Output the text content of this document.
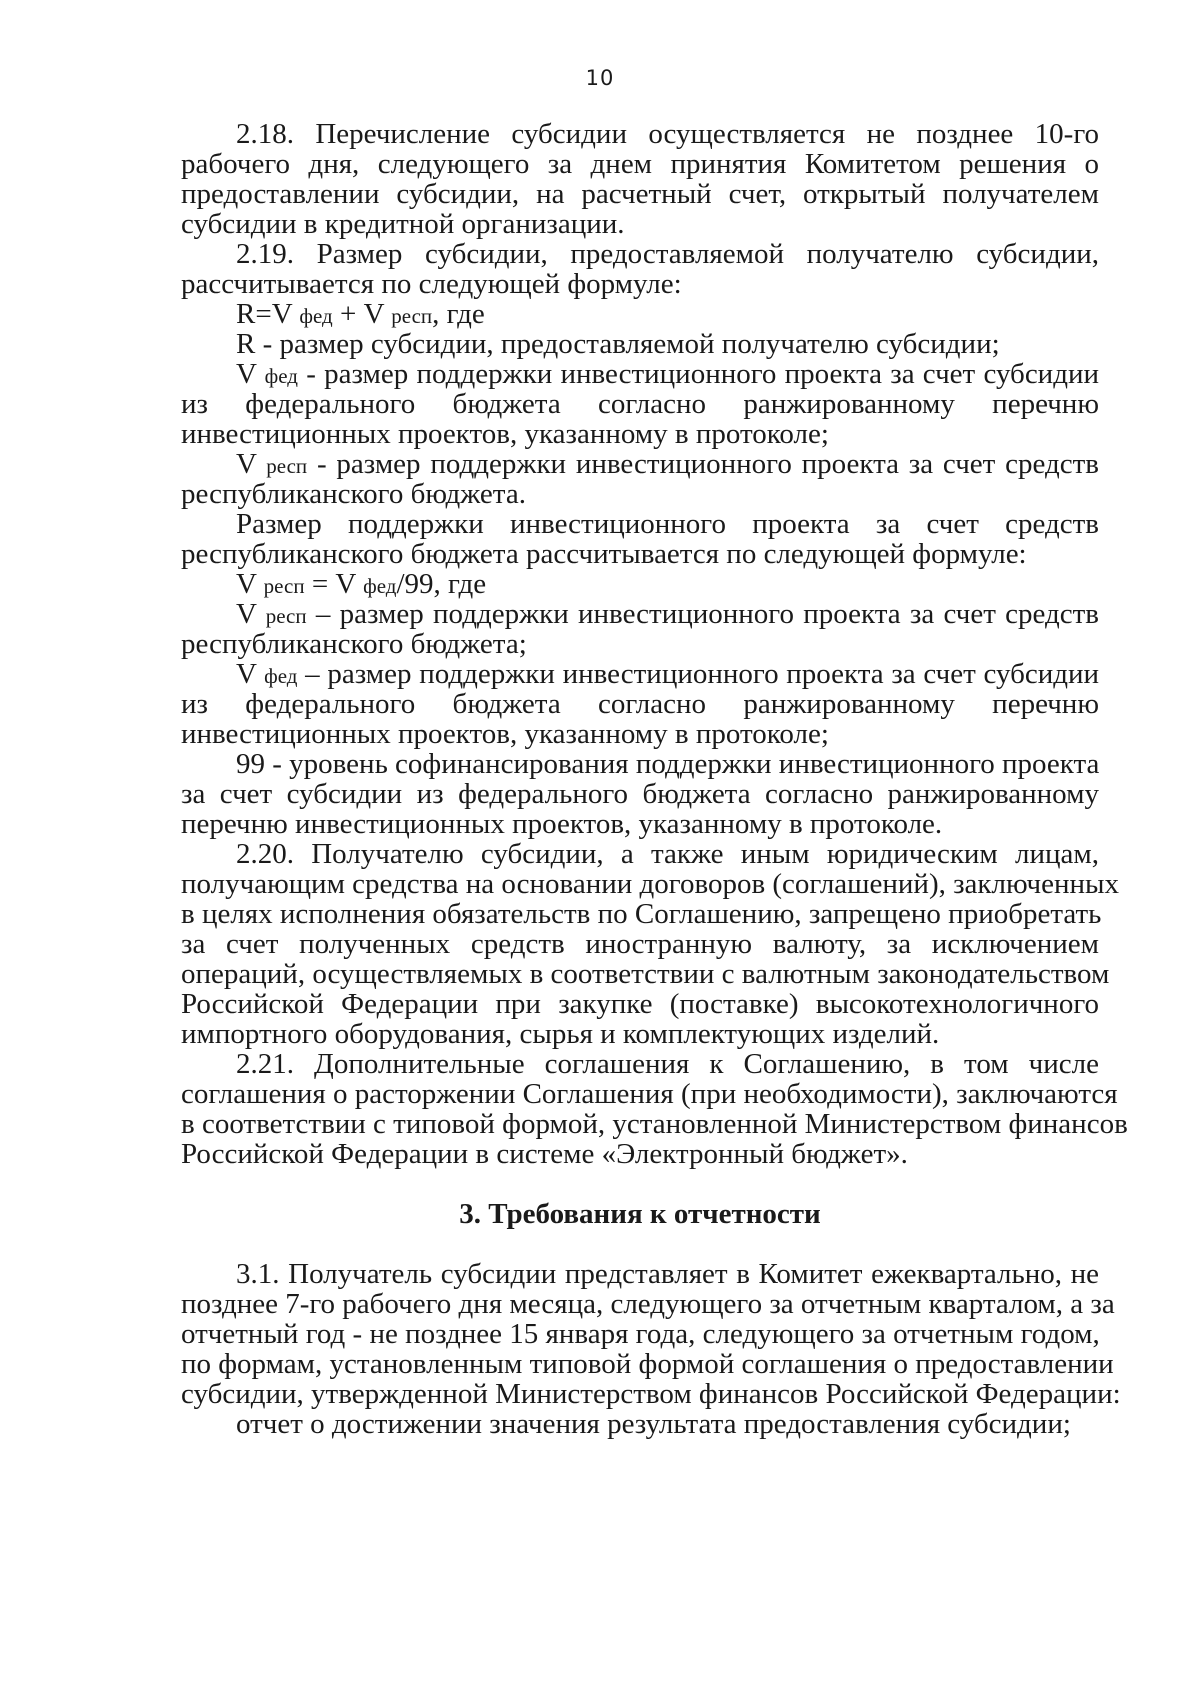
10
2.18. Перечисление субсидии осуществляется не позднее 10-го
рабочего дня, следующего за днем принятия Комитетом решения о
предоставлении субсидии, на расчетный счет, открытый получателем
субсидии в кредитной организации.
2.19. Размер субсидии, предоставляемой получателю субсидии,
рассчитывается по следующей формуле:
R=V фед + V респ, где
R - размер субсидии, предоставляемой получателю субсидии;
V фед - размер поддержки инвестиционного проекта за счет субсидии
из федерального бюджета согласно ранжированному перечню
инвестиционных проектов, указанному в протоколе;
V респ - размер поддержки инвестиционного проекта за счет средств
республиканского бюджета.
Размер поддержки инвестиционного проекта за счет средств
республиканского бюджета рассчитывается по следующей формуле:
V респ = V фед/99, где
V респ – размер поддержки инвестиционного проекта за счет средств
республиканского бюджета;
V фед – размер поддержки инвестиционного проекта за счет субсидии
из федерального бюджета согласно ранжированному перечню
инвестиционных проектов, указанному в протоколе;
99 - уровень софинансирования поддержки инвестиционного проекта
за счет субсидии из федерального бюджета согласно ранжированному
перечню инвестиционных проектов, указанному в протоколе.
2.20. Получателю субсидии, а также иным юридическим лицам,
получающим средства на основании договоров (соглашений), заключенных
в целях исполнения обязательств по Соглашению, запрещено приобретать
за счет полученных средств иностранную валюту, за исключением
операций, осуществляемых в соответствии с валютным законодательством
Российской Федерации при закупке (поставке) высокотехнологичного
импортного оборудования, сырья и комплектующих изделий.
2.21. Дополнительные соглашения к Соглашению, в том числе
соглашения о расторжении Соглашения (при необходимости), заключаются
в соответствии с типовой формой, установленной Министерством финансов
Российской Федерации в системе «Электронный бюджет».
3. Требования к отчетности
3.1. Получатель субсидии представляет в Комитет ежеквартально, не
позднее 7-го рабочего дня месяца, следующего за отчетным кварталом, а за
отчетный год - не позднее 15 января года, следующего за отчетным годом,
по формам, установленным типовой формой соглашения о предоставлении
субсидии, утвержденной Министерством финансов Российской Федерации:
отчет о достижении значения результата предоставления субсидии;
